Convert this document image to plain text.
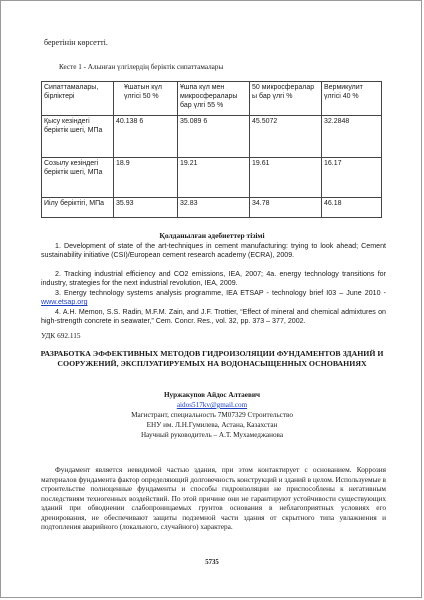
беретінін көрсетті.
Кесте 1 - Алынған үлгілердің беріктік сипаттамалары
Сипаттамалары, бірліктері	Ұшатын күл үлгісі 50 %	Ұшпа күл мен микросфералары бар үлгі 55 %	50 микросфералар ы бар үлгі %	Вермикулит үлгісі 40 %
Қысу кезіндегі беріктік шегі, МПа	40.138 6	35.089 6	45.5072	32.2848
Созылу кезіндегі беріктік шегі, МПа	18.9	19.21	19.61	16.17
Иілу беріктігі, МПа	35.93	32.83	34.78	46.18
Қолданылған әдебиеттер тізімі
1. Development of state of the art-techniques in cement manufacturing: trying to look ahead; Cement sustainability initiative (CSI)/European cement research academy (ECRA), 2009.
2. Tracking industrial efficiency and CO2 emissions, IEA, 2007; 4a. energy technology transitions for industry, strategies for the next industrial revolution, IEA, 2009.
3. Energy technology systems analysis programme, IEA ETSAP - technology brief I03 – June 2010 - www.etsap.org
4. A.H. Memon, S.S. Radin, M.F.M. Zain, and J.F. Trottier, “Effect of mineral and chemical admixtures on high-strength concrete in seawater,” Cem. Concr. Res., vol. 32, pp. 373 – 377, 2002.
УДК 692.115
РАЗРАБОТКА ЭФФЕКТИВНЫХ МЕТОДОВ ГИДРОИЗОЛЯЦИИ ФУНДАМЕНТОВ ЗДАНИЙ И СООРУЖЕНИЙ, ЭКСПЛУАТИРУЕМЫХ НА ВОДОНАСЫЩЕННЫХ ОСНОВАНИЯХ
Нуржакупов Айдос Алтаевич
aidos517kv@gmail.com
Магистрант, специальность 7M07329 Строительство
ЕНУ им. Л.Н.Гумилева, Астана, Казахстан
Научный руководитель – А.Т. Мухамеджанова
Фундамент является невидимой частью здания, при этом контактирует с основанием. Коррозия материалов фундамента фактор определяющий долговечность конструкций и зданий в целом. Используемые в строительстве полноценные фундаменты и способы гидроизоляции не приспособлены к негативным последствиям техногенных воздействий. По этой причине они не гарантируют устойчивости существующих зданий при обводнении слабопроницаемых грунтов основания в неблагоприятных условиях его дренирования, не обеспечивают защиты подземной части здания от скрытного типа увлажнения и подтопления аварийного (локального, случайного) характера.
5735
